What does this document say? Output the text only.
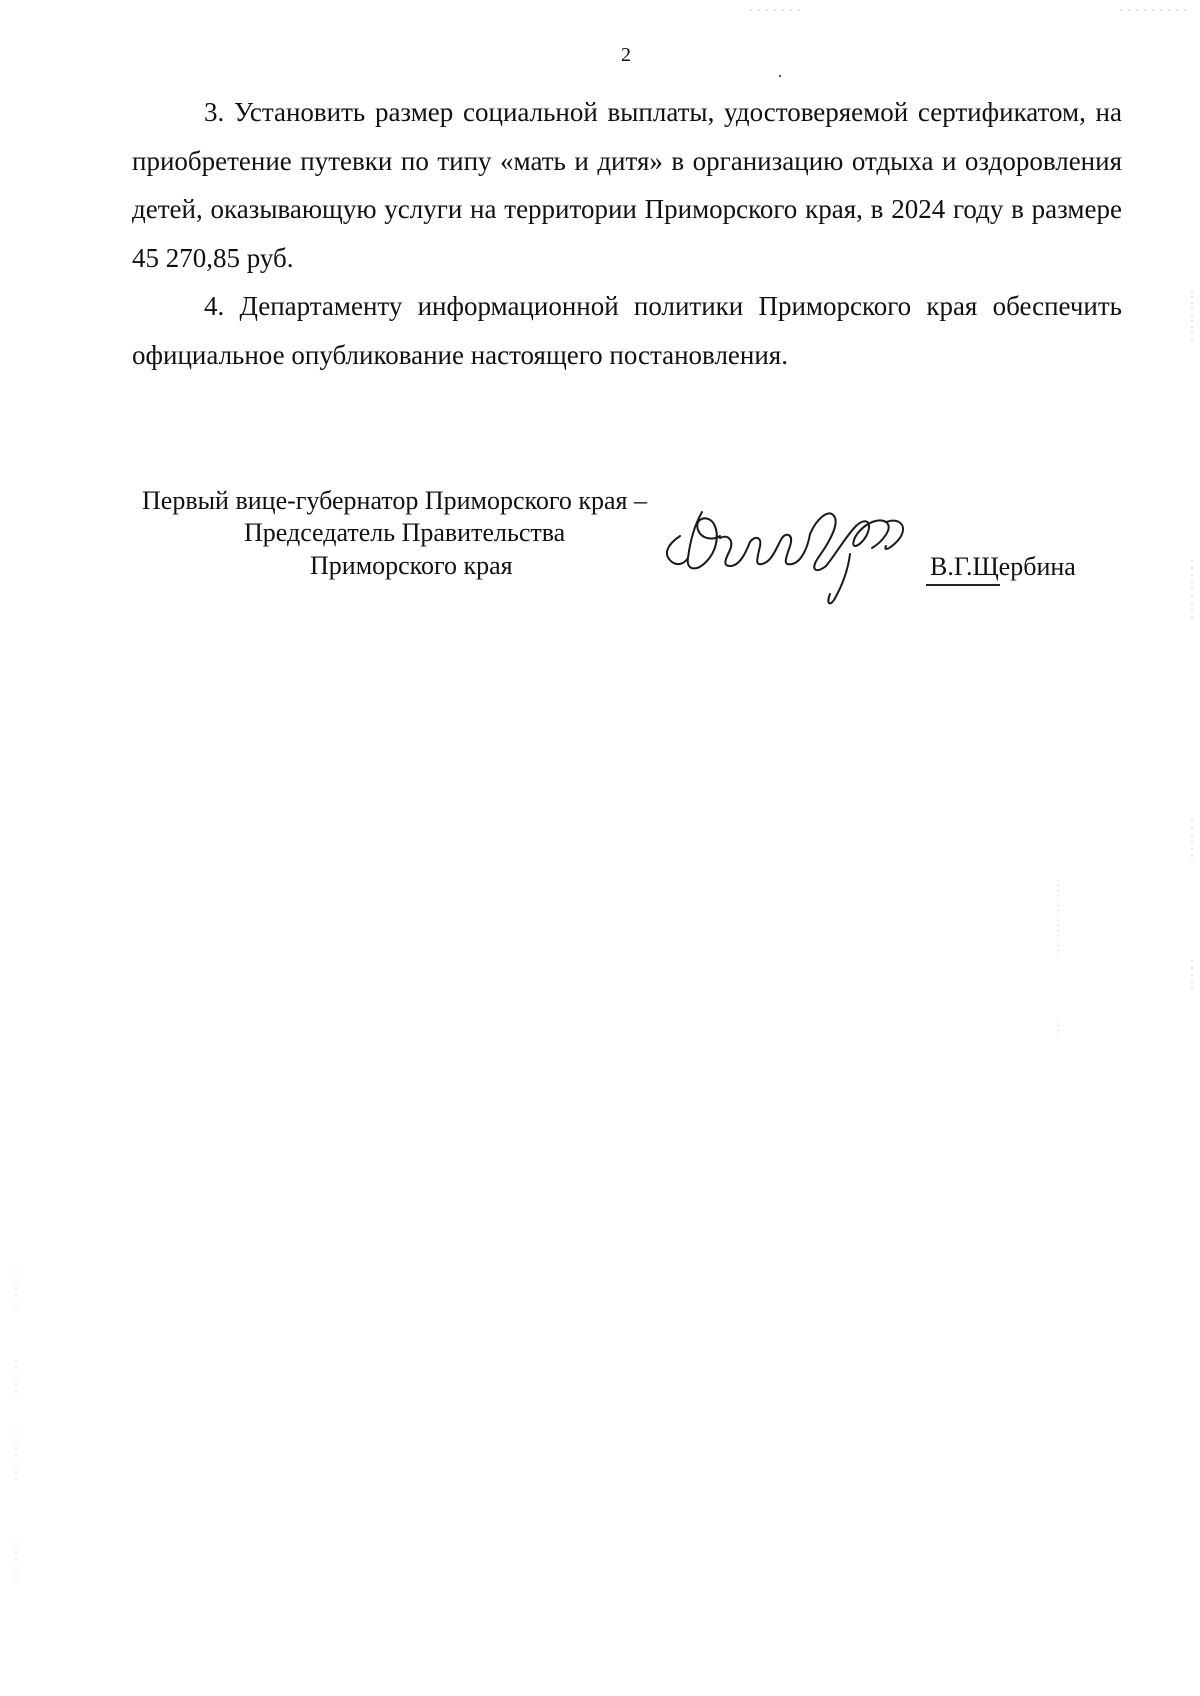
2

3. Установить размер социальной выплаты, удостоверяемой сертификатом, на приобретение путевки по типу «мать и дитя» в организацию отдыха и оздоровления детей, оказывающую услуги на территории Приморского края, в 2024 году в размере 45 270,85 руб.

4. Департаменту информационной политики Приморского края обеспечить официальное опубликование настоящего постановления.

Первый вице-губернатор Приморского края –
Председатель Правительства
Приморского края	В.Г.Щербина
